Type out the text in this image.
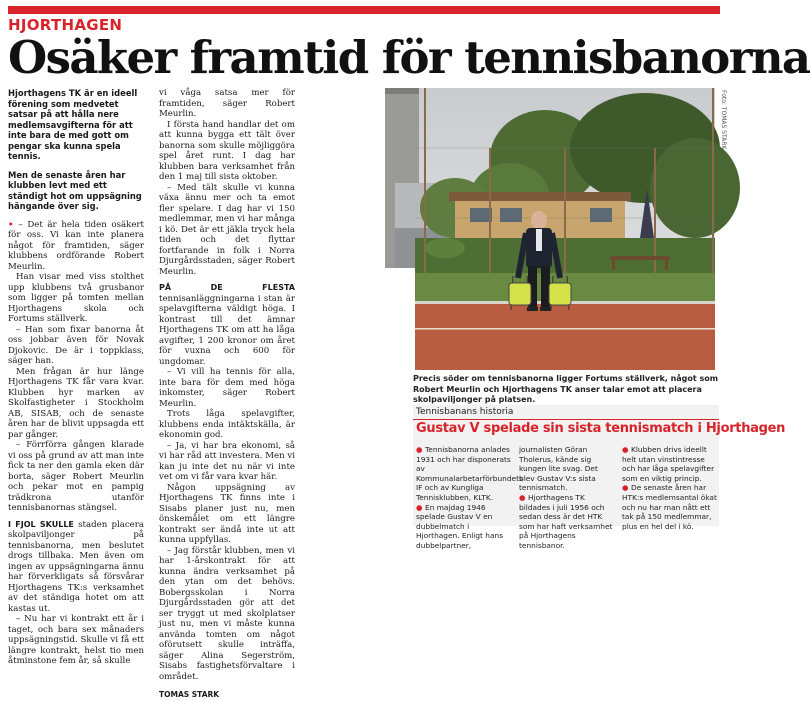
HJORTHAGEN
Osäker framtid för tennisbanorna

Hjorthagens TK är en ideell förening som medvetet satsar på att hålla nere medlemsavgifterna för att inte bara de med gott om pengar ska kunna spela tennis.

Men de senaste åren har klubben levt med ett ständigt hot om uppsägning hängande över sig.

• – Det är hela tiden osäkert för oss. Vi kan inte planera något för framtiden, säger klubbens ordförande Robert Meurlin.

Han visar med viss stolthet upp klubbens två grusbanor som ligger på tomten mellan Hjorthagens skola och Fortums ställverk.

– Han som fixar banorna åt oss jobbar även för Novak Djokovic. De är i toppklass, säger han.

Men frågan är hur länge Hjorthagens TK får vara kvar. Klubben hyr marken av Skolfastigheter i Stockholm AB, SISAB, och de senaste åren har de blivit uppsagda ett par gånger.

– Förrförra gången klarade vi oss på grund av att man inte fick ta ner den gamla eken där borta, säger Robert Meurlin och pekar mot en pampig trädkrona utanför tennisbanornas stängsel.

I FJOL SKULLE staden placera skolpaviljonger på tennisbanorna, men beslutet drogs tillbaka. Men även om ingen av uppsägningarna ännu har förverkligats så försvårar Hjorthagens TK:s verksamhet av det ständiga hotet om att kastas ut.

– Nu har vi kontrakt ett år i taget, och bara sex månaders uppsägningstid. Skulle vi få ett längre kontrakt, helst tio men åtminstone fem år, så skulle

vi våga satsa mer för framtiden, säger Robert Meurlin.

I första hand handlar det om att kunna bygga ett tält över banorna som skulle möjliggöra spel året runt. I dag har klubben bara verksamhet från den 1 maj till sista oktober.

– Med tält skulle vi kunna växa ännu mer och ta emot fler spelare. I dag har vi 150 medlemmar, men vi har många i kö. Det är ett jäkla tryck hela tiden och det flyttar fortfarande in folk i Norra Djurgårdsstaden, säger Robert Meurlin.

PÅ DE FLESTA tennisanläggningarna i stan är spelavgifterna väldigt höga. I kontrast till det ämnar Hjorthagens TK om att ha låga avgifter, 1 200 kronor om året för vuxna och 600 för ungdomar.

– Vi vill ha tennis för alla, inte bara för dem med höga inkomster, säger Robert Meurlin.

Trots låga spelavgifter, klubbens enda intäktskälla, är ekonomin god.

– Ja, vi har bra ekonomi, så vi har råd att investera. Men vi kan ju inte det nu när vi inte vet om vi får vara kvar här.

Någon uppsägning av Hjorthagens TK finns inte i Sisabs planer just nu, men önskemålet om ett längre kontrakt ser ändå inte ut att kunna uppfyllas.

– Jag förstår klubben, men vi har 1-årskontrakt för att kunna ändra verksamhet på den ytan om det behövs. Bobergsskolan i Norra Djurgårdsstaden gör att det ser tryggt ut med skolplatser just nu, men vi måste kunna använda tomten om något oförutsett skulle inträffa, säger Alina Segerström, Sisabs fastighetsförvaltare i området.

TOMAS STARK
Foto: TOMAS STARK
Precis söder om tennisbanorna ligger Fortums ställverk, något som Robert Meurlin och Hjorthagens TK anser talar emot att placera skolpaviljonger på platsen.
Tennisbanans historia
Gustav V spelade sin sista tennismatch i Hjorthagen

● Tennisbanorna anlades 1931 och har disponerats av Kommunalarbetarförbundets IF och av Kungliga Tennisklubben, KLTK.

● En majdag 1946 spelade Gustav V en dubbelmatch i Hjorthagen. Enligt hans dubbelpartner,

journalisten Göran Tholerus, kände sig kungen lite svag. Det blev Gustav V:s sista tennismatch.

● Hjorthagens TK bildades i juli 1956 och sedan dess är det HTK som har haft verksamhet på Hjorthagens tennisbanor.

● Klubben drivs ideellt helt utan vinstintresse och har låga spelavgifter som en viktig princip.

● De senaste åren har HTK:s medlemsantal ökat och nu har man nått ett tak på 150 medlemmar, plus en hel del i kö.
